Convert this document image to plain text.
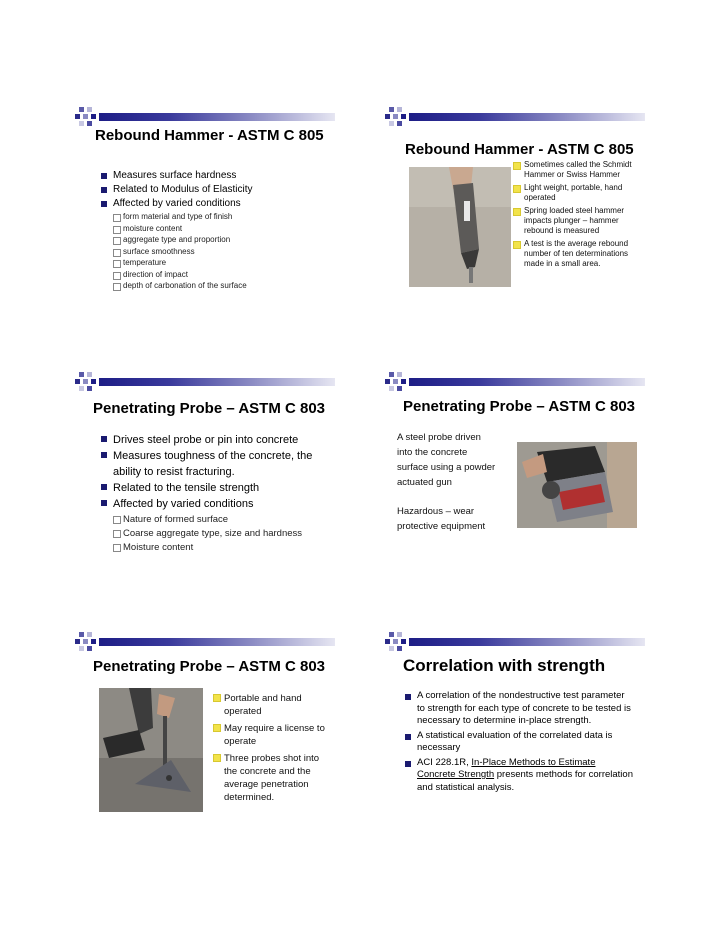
Rebound Hammer - ASTM C 805
Measures surface hardness
Related to Modulus of Elasticity
Affected by varied conditions
form material and type of finish
moisture content
aggregate type and proportion
surface smoothness
temperature
direction of impact
depth of carbonation of the surface
Rebound Hammer - ASTM C 805
Sometimes called the Schmidt Hammer or Swiss Hammer
Light weight, portable, hand operated
Spring loaded steel hammer impacts plunger – hammer rebound is measured
A test is the average rebound number of ten determinations made in a small area.
Penetrating Probe – ASTM C 803
Drives steel probe or pin into concrete
Measures toughness of the concrete, the ability to resist fracturing.
Related to the tensile strength
Affected by varied conditions
Nature of formed surface
Coarse aggregate type, size and hardness
Moisture content
Penetrating Probe – ASTM C 803
A steel probe driven
into the concrete
surface using a powder
actuated gun
Hazardous – wear
protective equipment
Penetrating Probe – ASTM C 803
Portable and hand operated
May require a license to operate
Three probes shot into the concrete and the average penetration determined.
Correlation with strength
A correlation of the nondestructive test parameter to strength for each type of concrete to be tested is necessary to determine in-place strength.
A statistical evaluation of the correlated data is necessary
ACI 228.1R, In-Place Methods to Estimate Concrete Strength presents methods for correlation and statistical analysis.
